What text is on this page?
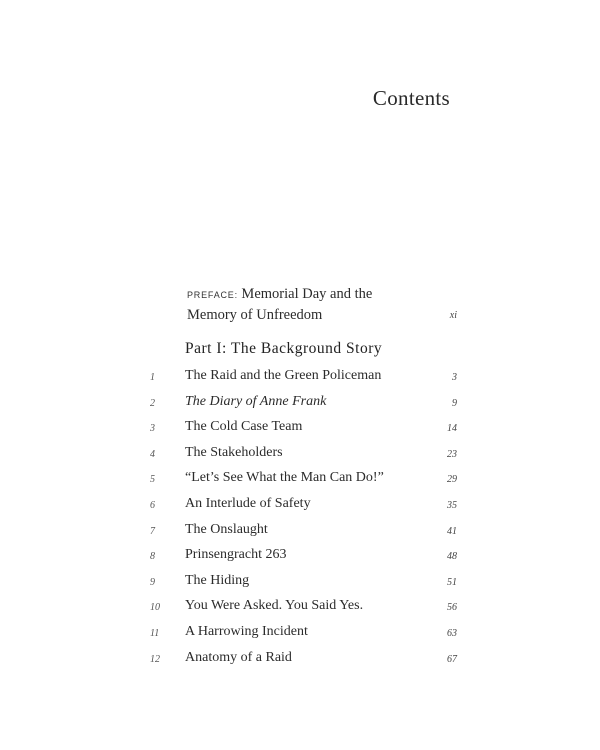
Contents
PREFACE: Memorial Day and the
Memory of Unfreedom	xi
Part I: The Background Story
1	The Raid and the Green Policeman	3
2	The Diary of Anne Frank	9
3	The Cold Case Team	14
4	The Stakeholders	23
5	“Let’s See What the Man Can Do!”	29
6	An Interlude of Safety	35
7	The Onslaught	41
8	Prinsengracht 263	48
9	The Hiding	51
10	You Were Asked. You Said Yes.	56
11	A Harrowing Incident	63
12	Anatomy of a Raid	67
